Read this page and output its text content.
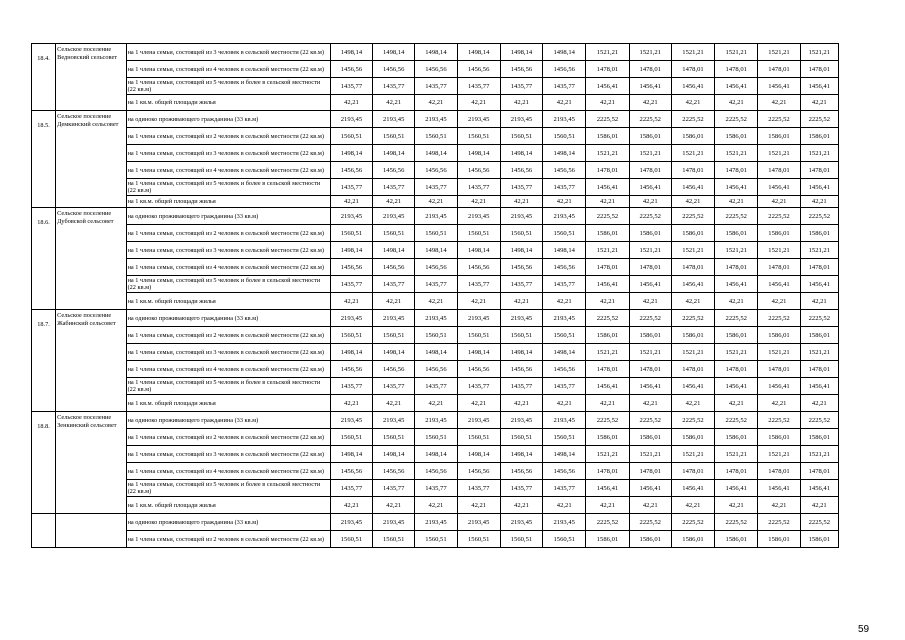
18.4.	Сельское поселение Ведновский сельсовет	на 1 члена семьи, состоящей из 3 человек в сельской местности (22 кв.м)	1498,14	1498,14	1498,14	1498,14	1498,14	1498,14	1521,21	1521,21	1521,21	1521,21	1521,21	1521,21
		на 1 члена семьи, состоящей из 4 человек в сельской местности (22 кв.м)	1456,56	1456,56	1456,56	1456,56	1456,56	1456,56	1478,01	1478,01	1478,01	1478,01	1478,01	1478,01
		на 1 члена семьи, состоящей из 5 человек и более в сельской местности (22 кв.м)	1435,77	1435,77	1435,77	1435,77	1435,77	1435,77	1456,41	1456,41	1456,41	1456,41	1456,41	1456,41
		на 1 кв.м. общей площади жилья	42,21	42,21	42,21	42,21	42,21	42,21	42,21	42,21	42,21	42,21	42,21	42,21
18.5.	Сельское поселение Демкинский сельсовет	на одиноко проживающего гражданина (33 кв.м)	2193,45	2193,45	2193,45	2193,45	2193,45	2193,45	2225,52	2225,52	2225,52	2225,52	2225,52	2225,52
		на 1 члена семьи, состоящей из 2 человек в сельской местности (22 кв.м)	1560,51	1560,51	1560,51	1560,51	1560,51	1560,51	1586,01	1586,01	1586,01	1586,01	1586,01	1586,01
		на 1 члена семьи, состоящей из 3 человек в сельской местности (22 кв.м)	1498,14	1498,14	1498,14	1498,14	1498,14	1498,14	1521,21	1521,21	1521,21	1521,21	1521,21	1521,21
		на 1 члена семьи, состоящей из 4 человек в сельской местности (22 кв.м)	1456,56	1456,56	1456,56	1456,56	1456,56	1456,56	1478,01	1478,01	1478,01	1478,01	1478,01	1478,01
		на 1 члена семьи, состоящей из 5 человек и более в сельской местности (22 кв.м)	1435,77	1435,77	1435,77	1435,77	1435,77	1435,77	1456,41	1456,41	1456,41	1456,41	1456,41	1456,41
		на 1 кв.м. общей площади жилья	42,21	42,21	42,21	42,21	42,21	42,21	42,21	42,21	42,21	42,21	42,21	42,21
18.6.	Сельское поселение Дубовской сельсовет	на одиноко проживающего гражданина (33 кв.м)	2193,45	2193,45	2193,45	2193,45	2193,45	2193,45	2225,52	2225,52	2225,52	2225,52	2225,52	2225,52
		на 1 члена семьи, состоящей из 2 человек в сельской местности (22 кв.м)	1560,51	1560,51	1560,51	1560,51	1560,51	1560,51	1586,01	1586,01	1586,01	1586,01	1586,01	1586,01
		на 1 члена семьи, состоящей из 3 человек в сельской местности (22 кв.м)	1498,14	1498,14	1498,14	1498,14	1498,14	1498,14	1521,21	1521,21	1521,21	1521,21	1521,21	1521,21
		на 1 члена семьи, состоящей из 4 человек в сельской местности (22 кв.м)	1456,56	1456,56	1456,56	1456,56	1456,56	1456,56	1478,01	1478,01	1478,01	1478,01	1478,01	1478,01
		на 1 члена семьи, состоящей из 5 человек и более в сельской местности (22 кв.м)	1435,77	1435,77	1435,77	1435,77	1435,77	1435,77	1456,41	1456,41	1456,41	1456,41	1456,41	1456,41
		на 1 кв.м. общей площади жилья	42,21	42,21	42,21	42,21	42,21	42,21	42,21	42,21	42,21	42,21	42,21	42,21
18.7.	Сельское поселение Жабинский сельсовет	на одиноко проживающего гражданина (33 кв.м)	2193,45	2193,45	2193,45	2193,45	2193,45	2193,45	2225,52	2225,52	2225,52	2225,52	2225,52	2225,52
		на 1 члена семьи, состоящей из 2 человек в сельской местности (22 кв.м)	1560,51	1560,51	1560,51	1560,51	1560,51	1560,51	1586,01	1586,01	1586,01	1586,01	1586,01	1586,01
		на 1 члена семьи, состоящей из 3 человек в сельской местности (22 кв.м)	1498,14	1498,14	1498,14	1498,14	1498,14	1498,14	1521,21	1521,21	1521,21	1521,21	1521,21	1521,21
		на 1 члена семьи, состоящей из 4 человек в сельской местности (22 кв.м)	1456,56	1456,56	1456,56	1456,56	1456,56	1456,56	1478,01	1478,01	1478,01	1478,01	1478,01	1478,01
		на 1 члена семьи, состоящей из 5 человек и более в сельской местности (22 кв.м)	1435,77	1435,77	1435,77	1435,77	1435,77	1435,77	1456,41	1456,41	1456,41	1456,41	1456,41	1456,41
		на 1 кв.м. общей площади жилья	42,21	42,21	42,21	42,21	42,21	42,21	42,21	42,21	42,21	42,21	42,21	42,21
18.8.	Сельское поселение Зенкинский сельсовет	на одиноко проживающего гражданина (33 кв.м)	2193,45	2193,45	2193,45	2193,45	2193,45	2193,45	2225,52	2225,52	2225,52	2225,52	2225,52	2225,52
		на 1 члена семьи, состоящей из 2 человек в сельской местности (22 кв.м)	1560,51	1560,51	1560,51	1560,51	1560,51	1560,51	1586,01	1586,01	1586,01	1586,01	1586,01	1586,01
		на 1 члена семьи, состоящей из 3 человек в сельской местности (22 кв.м)	1498,14	1498,14	1498,14	1498,14	1498,14	1498,14	1521,21	1521,21	1521,21	1521,21	1521,21	1521,21
		на 1 члена семьи, состоящей из 4 человек в сельской местности (22 кв.м)	1456,56	1456,56	1456,56	1456,56	1456,56	1456,56	1478,01	1478,01	1478,01	1478,01	1478,01	1478,01
		на 1 члена семьи, состоящей из 5 человек и более в сельской местности (22 кв.м)	1435,77	1435,77	1435,77	1435,77	1435,77	1435,77	1456,41	1456,41	1456,41	1456,41	1456,41	1456,41
		на 1 кв.м. общей площади жилья	42,21	42,21	42,21	42,21	42,21	42,21	42,21	42,21	42,21	42,21	42,21	42,21
		на одиноко проживающего гражданина (33 кв.м)	2193,45	2193,45	2193,45	2193,45	2193,45	2193,45	2225,52	2225,52	2225,52	2225,52	2225,52	2225,52
		на 1 члена семьи, состоящей из 2 человек в сельской местности (22 кв.м)	1560,51	1560,51	1560,51	1560,51	1560,51	1560,51	1586,01	1586,01	1586,01	1586,01	1586,01	1586,01
59
